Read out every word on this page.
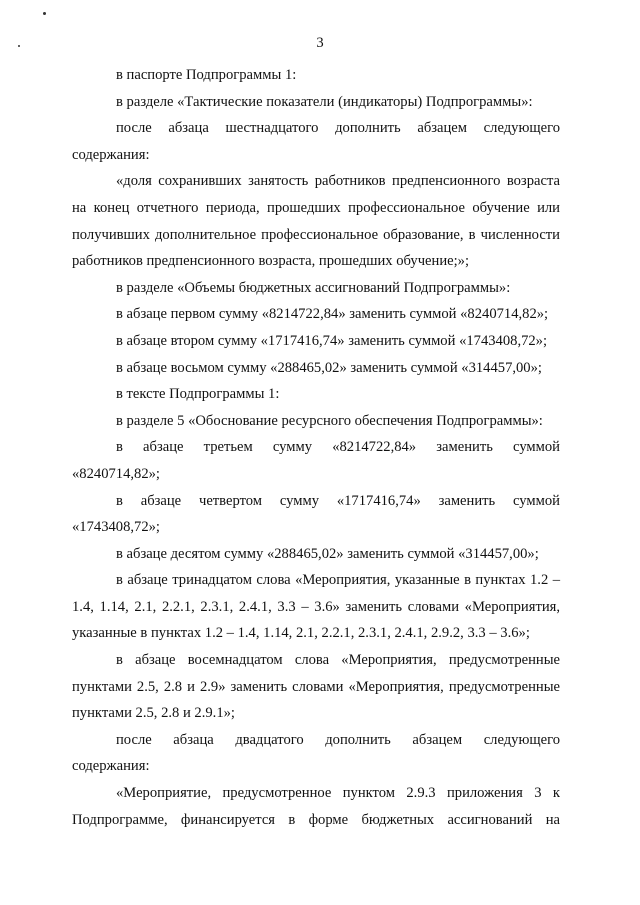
3

в паспорте Подпрограммы 1:

в разделе «Тактические показатели (индикаторы) Подпрограммы»:

после абзаца шестнадцатого дополнить абзацем следующего
содержания:

«доля сохранивших занятость работников предпенсионного возраста на конец отчетного периода, прошедших профессиональное обучение или получивших дополнительное профессиональное образование, в численности работников предпенсионного возраста, прошедших обучение;»;

в разделе «Объемы бюджетных ассигнований Подпрограммы»:

в абзаце первом сумму «8214722,84» заменить суммой «8240714,82»;

в абзаце втором сумму «1717416,74» заменить суммой «1743408,72»;

в абзаце восьмом сумму «288465,02» заменить суммой «314457,00»;

в тексте Подпрограммы 1:

в разделе 5 «Обоснование ресурсного обеспечения Подпрограммы»:

в абзаце третьем сумму «8214722,84» заменить суммой
«8240714,82»;

в абзаце четвертом сумму «1717416,74» заменить суммой
«1743408,72»;

в абзаце десятом сумму «288465,02» заменить суммой «314457,00»;

в абзаце тринадцатом слова «Мероприятия, указанные в пунктах 1.2 – 1.4, 1.14, 2.1, 2.2.1, 2.3.1, 2.4.1, 3.3 – 3.6» заменить словами «Мероприятия, указанные в пунктах 1.2 – 1.4, 1.14, 2.1, 2.2.1, 2.3.1, 2.4.1, 2.9.2, 3.3 – 3.6»;

в абзаце восемнадцатом слова «Мероприятия, предусмотренные пунктами 2.5, 2.8 и 2.9» заменить словами «Мероприятия, предусмотренные пунктами 2.5, 2.8 и 2.9.1»;

после абзаца двадцатого дополнить абзацем следующего
содержания:

«Мероприятие, предусмотренное пунктом 2.9.3 приложения 3 к Подпрограмме, финансируется в форме бюджетных ассигнований на
